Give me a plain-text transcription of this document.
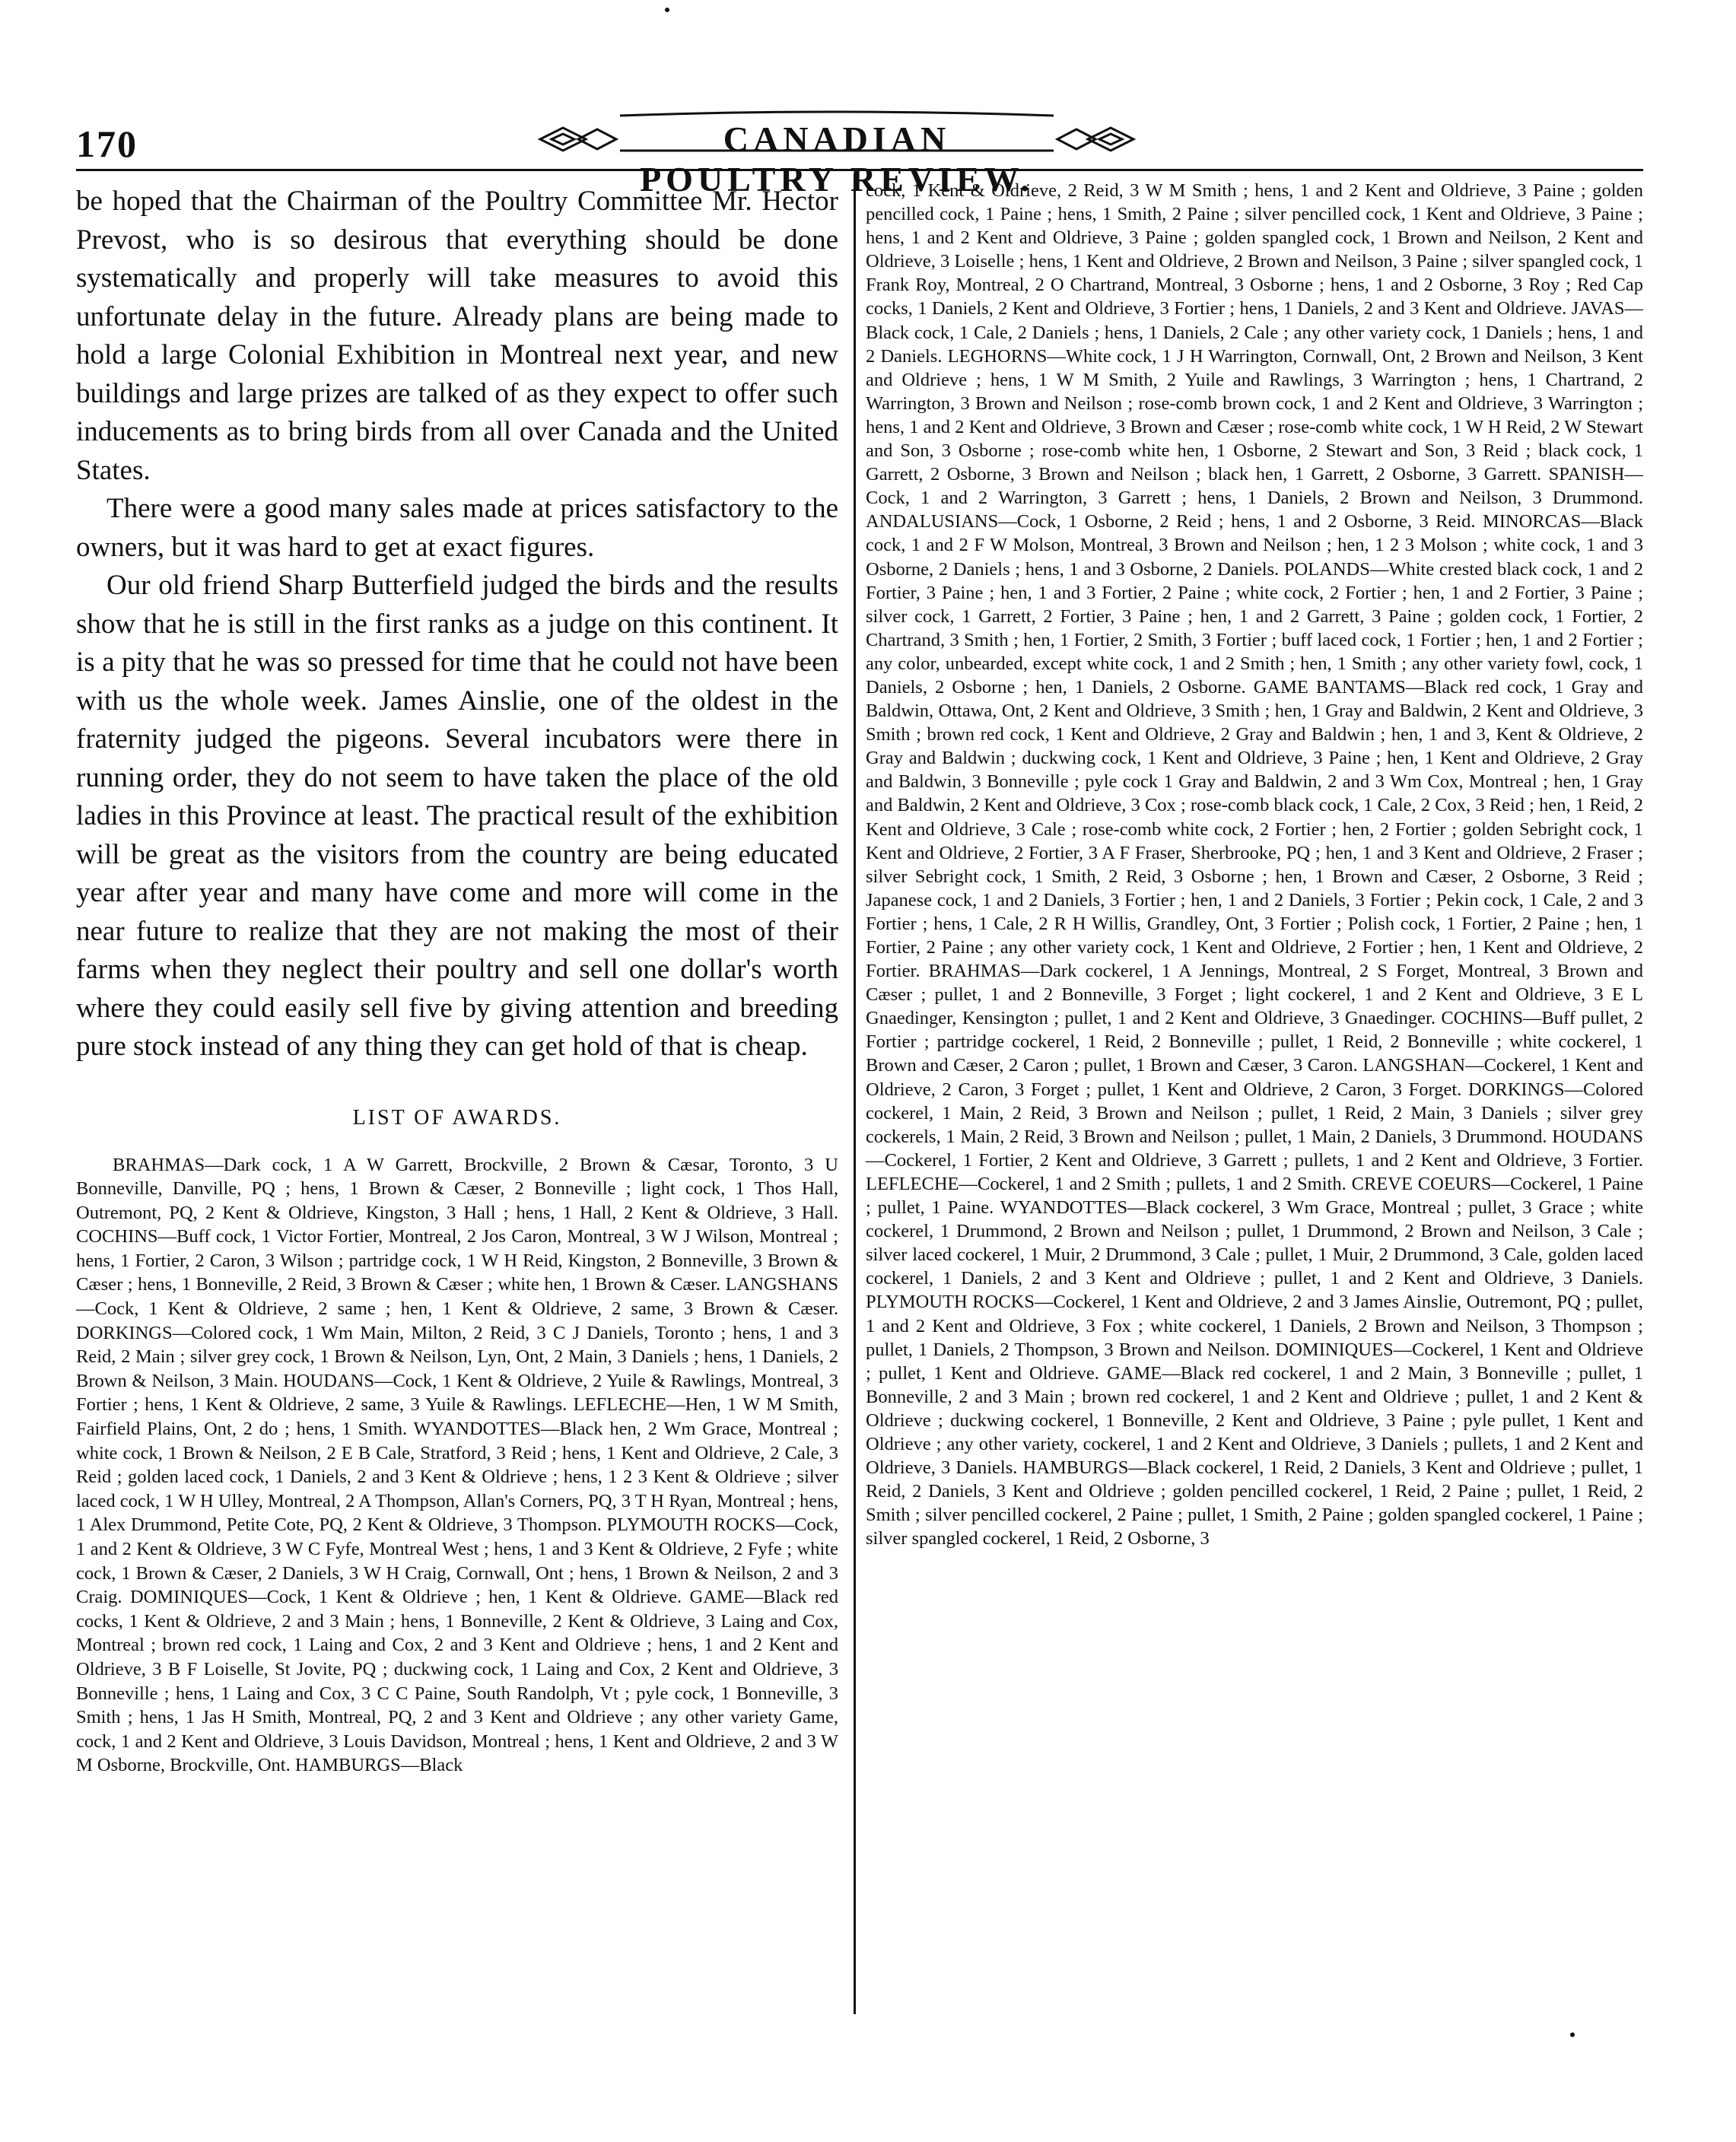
170	CANADIAN POULTRY REVIEW.

be hoped that the Chairman of the Poultry Committee Mr. Hector Prevost, who is so desirous that everything should be done systematically and properly will take measures to avoid this unfortunate delay in the future. Already plans are being made to hold a large Colonial Exhibition in Montreal next year, and new buildings and large prizes are talked of as they expect to offer such inducements as to bring birds from all over Canada and the United States.

There were a good many sales made at prices satisfactory to the owners, but it was hard to get at exact figures.

Our old friend Sharp Butterfield judged the birds and the results show that he is still in the first ranks as a judge on this continent. It is a pity that he was so pressed for time that he could not have been with us the whole week. James Ainslie, one of the oldest in the fraternity judged the pigeons. Several incubators were there in running order, they do not seem to have taken the place of the old ladies in this Province at least. The practical result of the exhibition will be great as the visitors from the country are being educated year after year and many have come and more will come in the near future to realize that they are not making the most of their farms when they neglect their poultry and sell one dollar's worth where they could easily sell five by giving attention and breeding pure stock instead of any thing they can get hold of that is cheap.

LIST OF AWARDS.

BRAHMAS—Dark cock, 1 A W Garrett, Brockville, 2 Brown & Cæsar, Toronto, 3 U Bonneville, Danville, PQ ; hens, 1 Brown & Cæser, 2 Bonneville ; light cock, 1 Thos Hall, Outremont, PQ, 2 Kent & Oldrieve, Kingston, 3 Hall ; hens, 1 Hall, 2 Kent & Oldrieve, 3 Hall. COCHINS—Buff cock, 1 Victor Fortier, Montreal, 2 Jos Caron, Montreal, 3 W J Wilson, Montreal ; hens, 1 Fortier, 2 Caron, 3 Wilson ; partridge cock, 1 W H Reid, Kingston, 2 Bonneville, 3 Brown & Cæser ; hens, 1 Bonneville, 2 Reid, 3 Brown & Cæser ; white hen, 1 Brown & Cæser. LANGSHANS—Cock, 1 Kent & Oldrieve, 2 same ; hen, 1 Kent & Oldrieve, 2 same, 3 Brown & Cæser. DORKINGS—Colored cock, 1 Wm Main, Milton, 2 Reid, 3 C J Daniels, Toronto ; hens, 1 and 3 Reid, 2 Main ; silver grey cock, 1 Brown & Neilson, Lyn, Ont, 2 Main, 3 Daniels ; hens, 1 Daniels, 2 Brown & Neilson, 3 Main. HOUDANS—Cock, 1 Kent & Oldrieve, 2 Yuile & Rawlings, Montreal, 3 Fortier ; hens, 1 Kent & Oldrieve, 2 same, 3 Yuile & Rawlings. LEFLECHE—Hen, 1 W M Smith, Fairfield Plains, Ont, 2 do ; hens, 1 Smith. WYANDOTTES—Black hen, 2 Wm Grace, Montreal ; white cock, 1 Brown & Neilson, 2 E B Cale, Stratford, 3 Reid ; hens, 1 Kent and Oldrieve, 2 Cale, 3 Reid ; golden laced cock, 1 Daniels, 2 and 3 Kent & Oldrieve ; hens, 1 2 3 Kent & Oldrieve ; silver laced cock, 1 W H Ulley, Montreal, 2 A Thompson, Allan's Corners, PQ, 3 T H Ryan, Montreal ; hens, 1 Alex Drummond, Petite Cote, PQ, 2 Kent & Oldrieve, 3 Thompson. PLYMOUTH ROCKS—Cock, 1 and 2 Kent & Oldrieve, 3 W C Fyfe, Montreal West ; hens, 1 and 3 Kent & Oldrieve, 2 Fyfe ; white cock, 1 Brown & Cæser, 2 Daniels, 3 W H Craig, Cornwall, Ont ; hens, 1 Brown & Neilson, 2 and 3 Craig. DOMINIQUES—Cock, 1 Kent & Oldrieve ; hen, 1 Kent & Oldrieve. GAME—Black red cocks, 1 Kent & Oldrieve, 2 and 3 Main ; hens, 1 Bonneville, 2 Kent & Oldrieve, 3 Laing and Cox, Montreal ; brown red cock, 1 Laing and Cox, 2 and 3 Kent and Oldrieve ; hens, 1 and 2 Kent and Oldrieve, 3 B F Loiselle, St Jovite, PQ ; duckwing cock, 1 Laing and Cox, 2 Kent and Oldrieve, 3 Bonneville ; hens, 1 Laing and Cox, 3 C C Paine, South Randolph, Vt ; pyle cock, 1 Bonneville, 3 Smith ; hens, 1 Jas H Smith, Montreal, PQ, 2 and 3 Kent and Oldrieve ; any other variety Game, cock, 1 and 2 Kent and Oldrieve, 3 Louis Davidson, Montreal ; hens, 1 Kent and Oldrieve, 2 and 3 W M Osborne, Brockville, Ont. HAMBURGS—Black

cock, 1 Kent & Oldrieve, 2 Reid, 3 W M Smith ; hens, 1 and 2 Kent and Oldrieve, 3 Paine ; golden pencilled cock, 1 Paine ; hens, 1 Smith, 2 Paine ; silver pencilled cock, 1 Kent and Oldrieve, 3 Paine ; hens, 1 and 2 Kent and Oldrieve, 3 Paine ; golden spangled cock, 1 Brown and Neilson, 2 Kent and Oldrieve, 3 Loiselle ; hens, 1 Kent and Oldrieve, 2 Brown and Neilson, 3 Paine ; silver spangled cock, 1 Frank Roy, Montreal, 2 O Chartrand, Montreal, 3 Osborne ; hens, 1 and 2 Osborne, 3 Roy ; Red Cap cocks, 1 Daniels, 2 Kent and Oldrieve, 3 Fortier ; hens, 1 Daniels, 2 and 3 Kent and Oldrieve. JAVAS—Black cock, 1 Cale, 2 Daniels ; hens, 1 Daniels, 2 Cale ; any other variety cock, 1 Daniels ; hens, 1 and 2 Daniels. LEGHORNS—White cock, 1 J H Warrington, Cornwall, Ont, 2 Brown and Neilson, 3 Kent and Oldrieve ; hens, 1 W M Smith, 2 Yuile and Rawlings, 3 Warrington ; hens, 1 Chartrand, 2 Warrington, 3 Brown and Neilson ; rose-comb brown cock, 1 and 2 Kent and Oldrieve, 3 Warrington ; hens, 1 and 2 Kent and Oldrieve, 3 Brown and Cæser ; rose-comb white cock, 1 W H Reid, 2 W Stewart and Son, 3 Osborne ; rose-comb white hen, 1 Osborne, 2 Stewart and Son, 3 Reid ; black cock, 1 Garrett, 2 Osborne, 3 Brown and Neilson ; black hen, 1 Garrett, 2 Osborne, 3 Garrett. SPANISH—Cock, 1 and 2 Warrington, 3 Garrett ; hens, 1 Daniels, 2 Brown and Neilson, 3 Drummond. ANDALUSIANS—Cock, 1 Osborne, 2 Reid ; hens, 1 and 2 Osborne, 3 Reid. MINORCAS—Black cock, 1 and 2 F W Molson, Montreal, 3 Brown and Neilson ; hen, 1 2 3 Molson ; white cock, 1 and 3 Osborne, 2 Daniels ; hens, 1 and 3 Osborne, 2 Daniels. POLANDS—White crested black cock, 1 and 2 Fortier, 3 Paine ; hen, 1 and 3 Fortier, 2 Paine ; white cock, 2 Fortier ; hen, 1 and 2 Fortier, 3 Paine ; silver cock, 1 Garrett, 2 Fortier, 3 Paine ; hen, 1 and 2 Garrett, 3 Paine ; golden cock, 1 Fortier, 2 Chartrand, 3 Smith ; hen, 1 Fortier, 2 Smith, 3 Fortier ; buff laced cock, 1 Fortier ; hen, 1 and 2 Fortier ; any color, unbearded, except white cock, 1 and 2 Smith ; hen, 1 Smith ; any other variety fowl, cock, 1 Daniels, 2 Osborne ; hen, 1 Daniels, 2 Osborne. GAME BANTAMS—Black red cock, 1 Gray and Baldwin, Ottawa, Ont, 2 Kent and Oldrieve, 3 Smith ; hen, 1 Gray and Baldwin, 2 Kent and Oldrieve, 3 Smith ; brown red cock, 1 Kent and Oldrieve, 2 Gray and Baldwin ; hen, 1 and 3, Kent & Oldrieve, 2 Gray and Baldwin ; duckwing cock, 1 Kent and Oldrieve, 3 Paine ; hen, 1 Kent and Oldrieve, 2 Gray and Baldwin, 3 Bonneville ; pyle cock 1 Gray and Baldwin, 2 and 3 Wm Cox, Montreal ; hen, 1 Gray and Baldwin, 2 Kent and Oldrieve, 3 Cox ; rose-comb black cock, 1 Cale, 2 Cox, 3 Reid ; hen, 1 Reid, 2 Kent and Oldrieve, 3 Cale ; rose-comb white cock, 2 Fortier ; hen, 2 Fortier ; golden Sebright cock, 1 Kent and Oldrieve, 2 Fortier, 3 A F Fraser, Sherbrooke, PQ ; hen, 1 and 3 Kent and Oldrieve, 2 Fraser ; silver Sebright cock, 1 Smith, 2 Reid, 3 Osborne ; hen, 1 Brown and Cæser, 2 Osborne, 3 Reid ; Japanese cock, 1 and 2 Daniels, 3 Fortier ; hen, 1 and 2 Daniels, 3 Fortier ; Pekin cock, 1 Cale, 2 and 3 Fortier ; hens, 1 Cale, 2 R H Willis, Grandley, Ont, 3 Fortier ; Polish cock, 1 Fortier, 2 Paine ; hen, 1 Fortier, 2 Paine ; any other variety cock, 1 Kent and Oldrieve, 2 Fortier ; hen, 1 Kent and Oldrieve, 2 Fortier. BRAHMAS—Dark cockerel, 1 A Jennings, Montreal, 2 S Forget, Montreal, 3 Brown and Cæser ; pullet, 1 and 2 Bonneville, 3 Forget ; light cockerel, 1 and 2 Kent and Oldrieve, 3 E L Gnaedinger, Kensington ; pullet, 1 and 2 Kent and Oldrieve, 3 Gnaedinger. COCHINS—Buff pullet, 2 Fortier ; partridge cockerel, 1 Reid, 2 Bonneville ; pullet, 1 Reid, 2 Bonneville ; white cockerel, 1 Brown and Cæser, 2 Caron ; pullet, 1 Brown and Cæser, 3 Caron. LANGSHAN—Cockerel, 1 Kent and Oldrieve, 2 Caron, 3 Forget ; pullet, 1 Kent and Oldrieve, 2 Caron, 3 Forget. DORKINGS—Colored cockerel, 1 Main, 2 Reid, 3 Brown and Neilson ; pullet, 1 Reid, 2 Main, 3 Daniels ; silver grey cockerels, 1 Main, 2 Reid, 3 Brown and Neilson ; pullet, 1 Main, 2 Daniels, 3 Drummond. HOUDANS—Cockerel, 1 Fortier, 2 Kent and Oldrieve, 3 Garrett ; pullets, 1 and 2 Kent and Oldrieve, 3 Fortier. LEFLECHE—Cockerel, 1 and 2 Smith ; pullets, 1 and 2 Smith. CREVE COEURS—Cockerel, 1 Paine ; pullet, 1 Paine. WYANDOTTES—Black cockerel, 3 Wm Grace, Montreal ; pullet, 3 Grace ; white cockerel, 1 Drummond, 2 Brown and Neilson ; pullet, 1 Drummond, 2 Brown and Neilson, 3 Cale ; silver laced cockerel, 1 Muir, 2 Drummond, 3 Cale ; pullet, 1 Muir, 2 Drummond, 3 Cale, golden laced cockerel, 1 Daniels, 2 and 3 Kent and Oldrieve ; pullet, 1 and 2 Kent and Oldrieve, 3 Daniels. PLYMOUTH ROCKS—Cockerel, 1 Kent and Oldrieve, 2 and 3 James Ainslie, Outremont, PQ ; pullet, 1 and 2 Kent and Oldrieve, 3 Fox ; white cockerel, 1 Daniels, 2 Brown and Neilson, 3 Thompson ; pullet, 1 Daniels, 2 Thompson, 3 Brown and Neilson. DOMINIQUES—Cockerel, 1 Kent and Oldrieve ; pullet, 1 Kent and Oldrieve. GAME—Black red cockerel, 1 and 2 Main, 3 Bonneville ; pullet, 1 Bonneville, 2 and 3 Main ; brown red cockerel, 1 and 2 Kent and Oldrieve ; pullet, 1 and 2 Kent & Oldrieve ; duckwing cockerel, 1 Bonneville, 2 Kent and Oldrieve, 3 Paine ; pyle pullet, 1 Kent and Oldrieve ; any other variety, cockerel, 1 and 2 Kent and Oldrieve, 3 Daniels ; pullets, 1 and 2 Kent and Oldrieve, 3 Daniels. HAMBURGS—Black cockerel, 1 Reid, 2 Daniels, 3 Kent and Oldrieve ; pullet, 1 Reid, 2 Daniels, 3 Kent and Oldrieve ; golden pencilled cockerel, 1 Reid, 2 Paine ; pullet, 1 Reid, 2 Smith ; silver pencilled cockerel, 2 Paine ; pullet, 1 Smith, 2 Paine ; golden spangled cockerel, 1 Paine ; silver spangled cockerel, 1 Reid, 2 Osborne, 3
